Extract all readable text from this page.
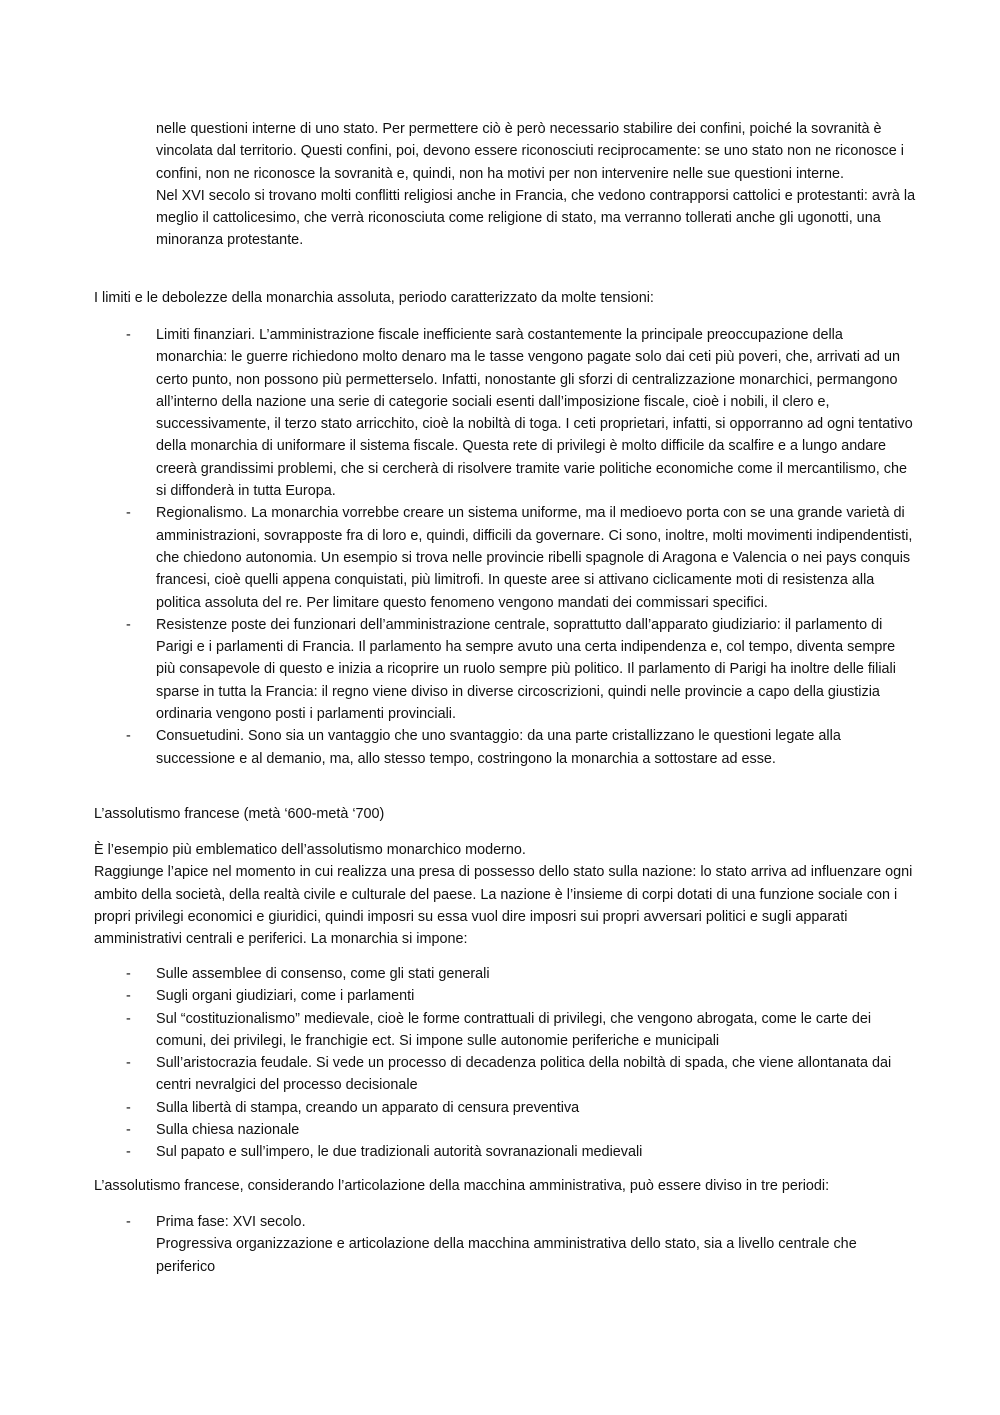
nelle questioni interne di uno stato. Per permettere ciò è però necessario stabilire dei confini, poiché la sovranità è vincolata dal territorio. Questi confini, poi, devono essere riconosciuti reciprocamente: se uno stato non ne riconosce i confini, non ne riconosce la sovranità e, quindi, non ha motivi per non intervenire nelle sue questioni interne.

Nel XVI secolo si trovano molti conflitti religiosi anche in Francia, che vedono contrapporsi cattolici e protestanti: avrà la meglio il cattolicesimo, che verrà riconosciuta come religione di stato, ma verranno tollerati anche gli ugonotti, una minoranza protestante.

I limiti e le debolezze della monarchia assoluta, periodo caratterizzato da molte tensioni:

- Limiti finanziari. L’amministrazione fiscale inefficiente sarà costantemente la principale preoccupazione della monarchia: le guerre richiedono molto denaro ma le tasse vengono pagate solo dai ceti più poveri, che, arrivati ad un certo punto, non possono più permetterselo. Infatti, nonostante gli sforzi di centralizzazione monarchici, permangono all’interno della nazione una serie di categorie sociali esenti dall’imposizione fiscale, cioè i nobili, il clero e, successivamente, il terzo stato arricchito, cioè la nobiltà di toga. I ceti proprietari, infatti, si opporranno ad ogni tentativo della monarchia di uniformare il sistema fiscale. Questa rete di privilegi è molto difficile da scalfire e a lungo andare creerà grandissimi problemi, che si cercherà di risolvere tramite varie politiche economiche come il mercantilismo, che si diffonderà in tutta Europa.
- Regionalismo. La monarchia vorrebbe creare un sistema uniforme, ma il medioevo porta con se una grande varietà di amministrazioni, sovrapposte fra di loro e, quindi, difficili da governare. Ci sono, inoltre, molti movimenti indipendentisti, che chiedono autonomia. Un esempio si trova nelle provincie ribelli spagnole di Aragona e Valencia o nei pays conquis francesi, cioè quelli appena conquistati, più limitrofi. In queste aree si attivano ciclicamente moti di resistenza alla politica assoluta del re. Per limitare questo fenomeno vengono mandati dei commissari specifici.
- Resistenze poste dei funzionari dell’amministrazione centrale, soprattutto dall’apparato giudiziario: il parlamento di Parigi e i parlamenti di Francia. Il parlamento ha sempre avuto una certa indipendenza e, col tempo, diventa sempre più consapevole di questo e inizia a ricoprire un ruolo sempre più politico. Il parlamento di Parigi ha inoltre delle filiali sparse in tutta la Francia: il regno viene diviso in diverse circoscrizioni, quindi nelle provincie a capo della giustizia ordinaria vengono posti i parlamenti provinciali.
- Consuetudini. Sono sia un vantaggio che uno svantaggio: da una parte cristallizzano le questioni legate alla successione e al demanio, ma, allo stesso tempo, costringono la monarchia a sottostare ad esse.

L’assolutismo francese (metà ‘600-metà ‘700)

È l’esempio più emblematico dell’assolutismo monarchico moderno.

Raggiunge l’apice nel momento in cui realizza una presa di possesso dello stato sulla nazione: lo stato arriva ad influenzare ogni ambito della società, della realtà civile e culturale del paese. La nazione è l’insieme di corpi dotati di una funzione sociale con i propri privilegi economici e giuridici, quindi imposri su essa vuol dire imposri sui propri avversari politici e sugli apparati amministrativi centrali e periferici. La monarchia si impone:

- Sulle assemblee di consenso, come gli stati generali
- Sugli organi giudiziari, come i parlamenti
- Sul “costituzionalismo” medievale, cioè le forme contrattuali di privilegi, che vengono abrogata, come le carte dei comuni, dei privilegi, le franchigie ect. Si impone sulle autonomie periferiche e municipali
- Sull’aristocrazia feudale. Si vede un processo di decadenza politica della nobiltà di spada, che viene allontanata dai centri nevralgici del processo decisionale
- Sulla libertà di stampa, creando un apparato di censura preventiva
- Sulla chiesa nazionale
- Sul papato e sull’impero, le due tradizionali autorità sovranazionali medievali

L’assolutismo francese, considerando l’articolazione della macchina amministrativa, può essere diviso in tre periodi:

- Prima fase: XVI secolo.

Progressiva organizzazione e articolazione della macchina amministrativa dello stato, sia a livello centrale che periferico
